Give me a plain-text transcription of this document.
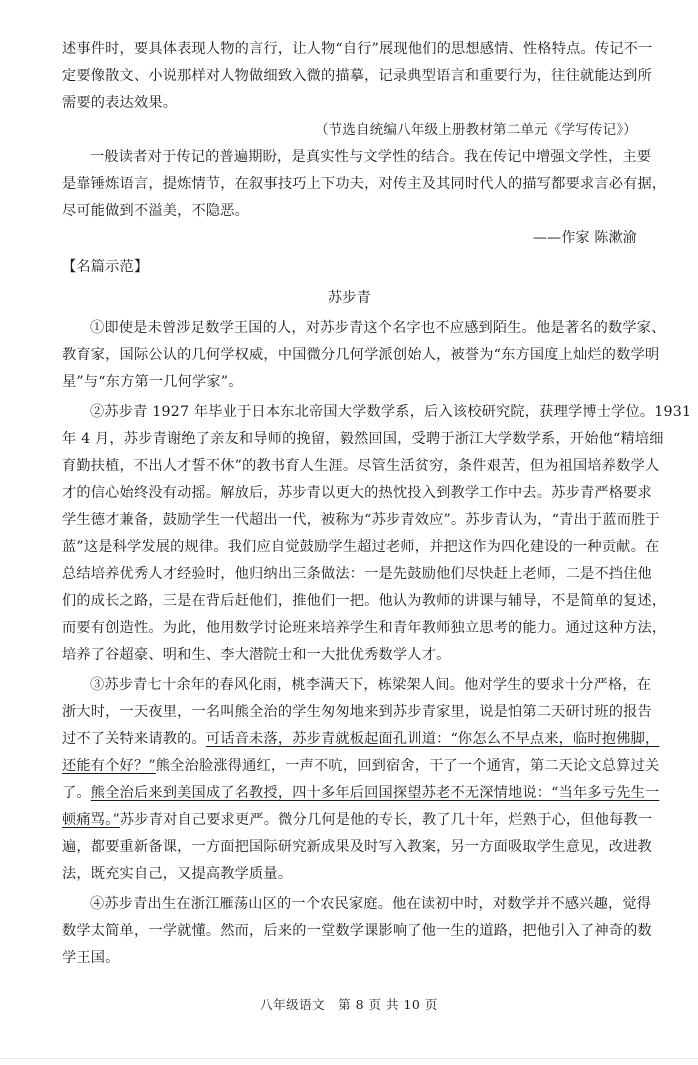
述事件时，要具体表现人物的言行，让人物“自行”展现他们的思想感情、性格特点。传记不一
定要像散文、小说那样对人物做细致入微的描摹，记录典型语言和重要行为，往往就能达到所
需要的表达效果。
（节选自统编八年级上册教材第二单元《学写传记》）
一般读者对于传记的普遍期盼，是真实性与文学性的结合。我在传记中增强文学性，主要
是靠锤炼语言，提炼情节，在叙事技巧上下功夫，对传主及其同时代人的描写都要求言必有据，
尽可能做到不溢美，不隐恶。
——作家 陈漱渝
【名篇示范】
苏步青
①即使是未曾涉足数学王国的人，对苏步青这个名字也不应感到陌生。他是著名的数学家、
教育家，国际公认的几何学权威，中国微分几何学派创始人，被誉为“东方国度上灿烂的数学明
星”与“东方第一几何学家”。
②苏步青 1927 年毕业于日本东北帝国大学数学系，后入该校研究院，获理学博士学位。1931
年 4 月，苏步青谢绝了亲友和导师的挽留，毅然回国，受聘于浙江大学数学系，开始他“精培细
育勤扶植，不出人才誓不休”的教书育人生涯。尽管生活贫穷，条件艰苦，但为祖国培养数学人
才的信心始终没有动摇。解放后，苏步青以更大的热忱投入到教学工作中去。苏步青严格要求
学生德才兼备，鼓励学生一代超出一代，被称为“苏步青效应”。苏步青认为，“青出于蓝而胜于
蓝”这是科学发展的规律。我们应自觉鼓励学生超过老师，并把这作为四化建设的一种贡献。在
总结培养优秀人才经验时，他归纳出三条做法：一是先鼓励他们尽快赶上老师，二是不挡住他
们的成长之路，三是在背后赶他们，推他们一把。他认为教师的讲课与辅导，不是简单的复述，
而要有创造性。为此，他用数学讨论班来培养学生和青年教师独立思考的能力。通过这种方法，
培养了谷超豪、明和生、李大潜院士和一大批优秀数学人才。
③苏步青七十余年的春风化雨，桃李满天下，栋梁架人间。他对学生的要求十分严格，在
浙大时，一天夜里，一名叫熊全治的学生匆匆地来到苏步青家里，说是怕第二天研讨班的报告
过不了关特来请教的。可话音未落，苏步青就板起面孔训道：“你怎么不早点来，临时抱佛脚，
还能有个好？”熊全治脸涨得通红，一声不吭，回到宿舍，干了一个通宵，第二天论文总算过关
了。熊全治后来到美国成了名教授，四十多年后回国探望苏老不无深情地说：“当年多亏先生一
顿痛骂。”苏步青对自己要求更严。微分几何是他的专长，教了几十年，烂熟于心，但他每教一
遍，都要重新备课，一方面把国际研究新成果及时写入教案，另一方面吸取学生意见，改进教
法，既充实自己，又提高教学质量。
④苏步青出生在浙江雁荡山区的一个农民家庭。他在读初中时，对数学并不感兴趣，觉得
数学太简单，一学就懂。然而，后来的一堂数学课影响了他一生的道路，把他引入了神奇的数
学王国。
八年级语文　第 8 页 共 10 页
